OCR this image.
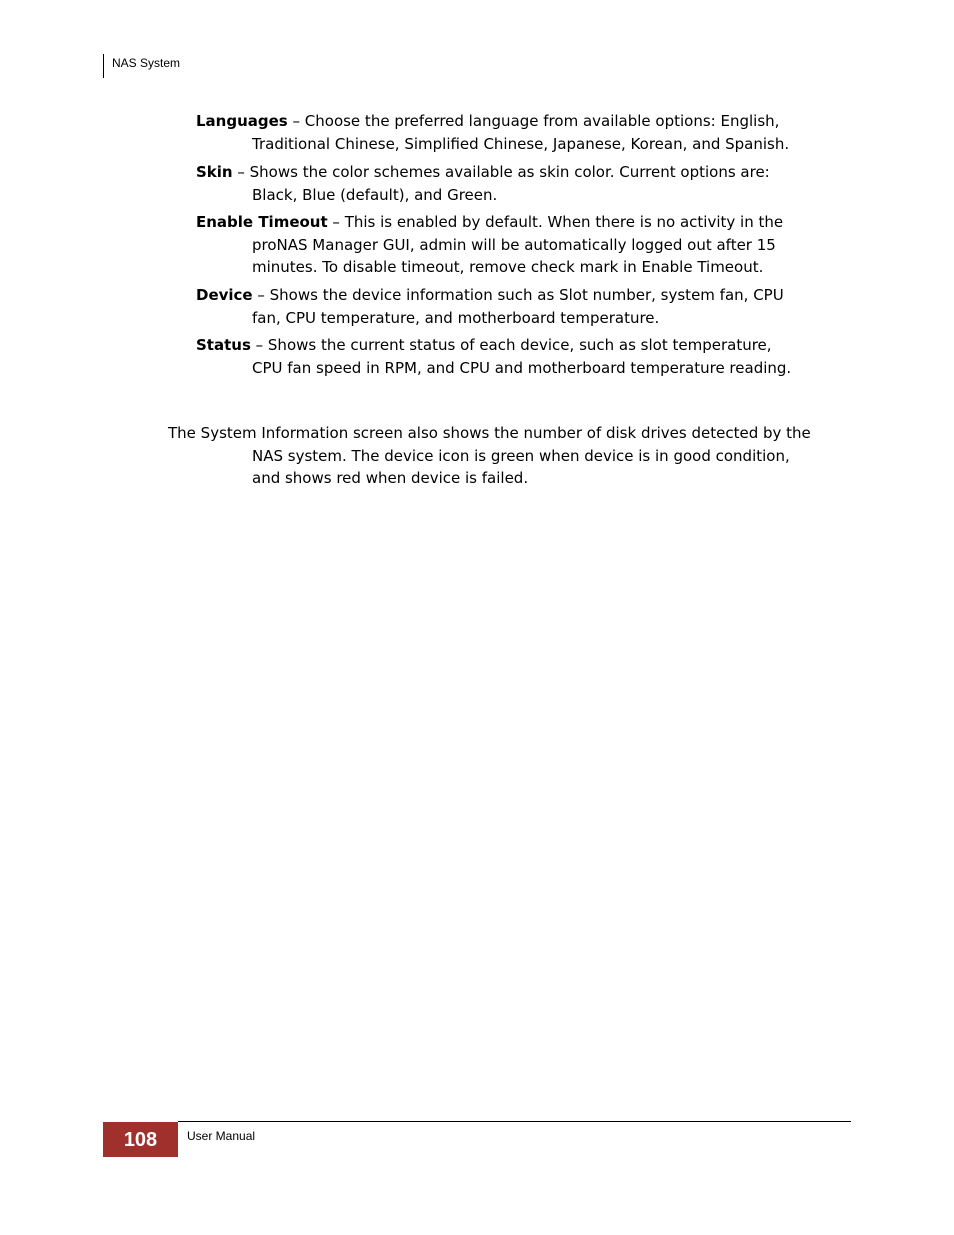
NAS System
Languages – Choose the preferred language from available options: English,
Traditional Chinese, Simplified Chinese, Japanese, Korean, and Spanish.
Skin – Shows the color schemes available as skin color. Current options are:
Black, Blue (default), and Green.
Enable Timeout – This is enabled by default. When there is no activity in the
proNAS Manager GUI, admin will be automatically logged out after 15
minutes. To disable timeout, remove check mark in Enable Timeout.
Device – Shows the device information such as Slot number, system fan, CPU
fan, CPU temperature, and motherboard temperature.
Status – Shows the current status of each device, such as slot temperature,
CPU fan speed in RPM, and CPU and motherboard temperature reading.
The System Information screen also shows the number of disk drives detected by the
NAS system. The device icon is green when device is in good condition,
and shows red when device is failed.
108	User Manual
